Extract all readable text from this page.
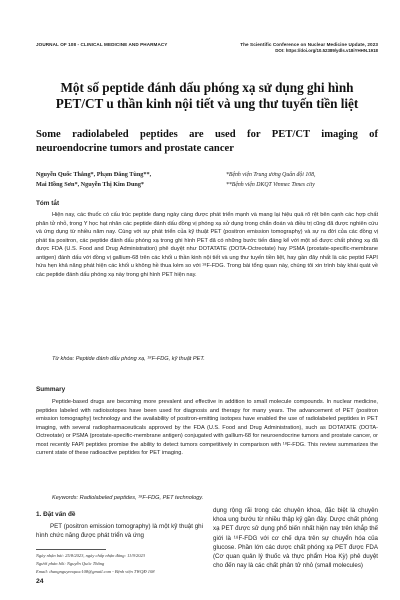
JOURNAL OF 108 - CLINICAL MEDICINE AND PHARMACY	The Scientific Conference on Nuclear Medicine Update, 2023
DOI: https://doi.org/10.52389/ydls.v18iYHHN.1918
Một số peptide đánh dấu phóng xạ sử dụng ghi hình PET/CT u thần kinh nội tiết và ung thư tuyến tiền liệt
Some radiolabeled peptides are used for PET/CT imaging of neuroendocrine tumors and prostate cancer
Nguyễn Quốc Thắng*, Phạm Đăng Tùng**,
Mai Hồng Sơn*, Nguyễn Thị Kim Dung*
*Bệnh viện Trung ương Quân đội 108,
**Bệnh viện DKQT Vinmec Times city
Tóm tắt

Hiện nay, các thuốc có cấu trúc peptide đang ngày càng được phát triển mạnh và mang lại hiệu quả rõ rệt bên cạnh các hợp chất phân tử nhỏ, trong Y học hạt nhân các peptide đánh dấu đồng vị phóng xạ sử dụng trong chẩn đoán và điều trị cũng đã được nghiên cứu và ứng dụng từ nhiều năm nay. Cùng với sự phát triển của kỹ thuật PET (positron emission tomography) và sự ra đời của các đồng vị phát tia positron, các peptide đánh dấu phóng xạ trong ghi hình PET đã có những bước tiến đáng kể với một số được chất phóng xạ đã được FDA (U.S. Food and Drug Administration) phê duyệt như DOTATATE (DOTA-Octreotate) hay PSMA (prostate-specific-membrane antigen) đánh dấu với đồng vị gallium-68 trên các khối u thần kinh nội tiết và ung thư tuyến tiền liệt, hay gần đây nhất là các peptid FAPI hứa hẹn khả năng phát hiện các khối u không hề thua kém so với ¹⁸F-FDG. Trong bài tổng quan này, chúng tôi xin trình bày khái quát về các peptide đánh dấu phóng xạ này trong ghi hình PET hiện nay.

Từ khóa: Peptide đánh dấu phóng xạ, ¹⁸F-FDG, kỹ thuật PET.

Summary

Peptide-based drugs are becoming more prevalent and effective in addition to small molecule compounds. In nuclear medicine, peptides labeled with radioisotopes have been used for diagnosis and therapy for many years. The advancement of PET (positron emission tomography) technology and the availability of positron-emitting isotopes have enabled the use of radiolabeled peptides in PET imaging, with several radiopharmaceuticals approved by the FDA (U.S. Food and Drug Administration), such as DOTATATE (DOTA-Octreotate) or PSMA (prostate-specific-membrane antigen) conjugated with gallium-68 for neuroendocrine tumors and prostate cancer, or most recently FAPI peptides promise the ability to detect tumors competitively in comparison with ¹⁸F-FDG. This review summarizes the current state of these radioactive peptides for PET imaging.

Keywords: Radiolabeled peptides, ¹⁸F-FDG, PET technology.

1. Đặt vấn đề

PET (positron emission tomography) là một kỹ thuật ghi hình chức năng được phát triển và ứng

dụng rộng rãi trong các chuyên khoa, đặc biệt là chuyên khoa ung bướu từ nhiều thập kỷ gần đây. Dược chất phóng xạ PET được sử dụng phổ biến nhất hiện nay trên khắp thế giới là ¹⁸F-FDG với cơ chế dựa trên sự chuyển hóa của glucose. Phần lớn các dược chất phóng xạ PET được FDA (Cơ quan quản lý thuốc và thực phẩm Hoa Kỳ) phê duyệt cho đến nay là các chất phân tử nhỏ (small molecules)

Ngày nhận bài: 25/8/2023, ngày chấp nhận đăng: 11/9/2023
Người phản hồi: Nguyễn Quốc Thắng
Email: thangnguyenquoc108@gmail.com - Bệnh viện TWQĐ 108
24
